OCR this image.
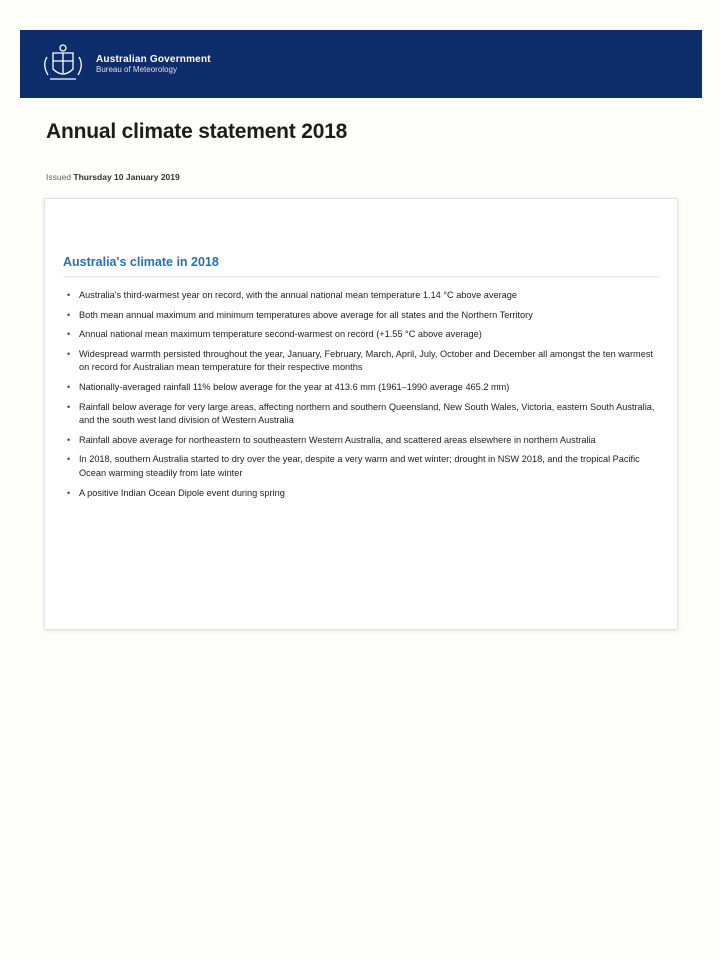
Australian Government
Bureau of Meteorology
Annual climate statement 2018
Issued Thursday 10 January 2019
Australia's climate in 2018
• Australia's third-warmest year on record, with the annual national mean temperature 1.14 °C above average
• Both mean annual maximum and minimum temperatures above average for all states and the Northern Territory
• Annual national mean maximum temperature second-warmest on record (+1.55 °C above average)
• Widespread warmth persisted throughout the year, January, February, March, April, July, October and December all amongst the ten warmest on record for Australian mean temperature for their respective months
• Nationally-averaged rainfall 11% below average for the year at 413.6 mm (1961–1990 average 465.2 mm)
• Rainfall below average for very large areas, affecting northern and southern Queensland, New South Wales, Victoria, eastern South Australia, and the south west land division of Western Australia
• Rainfall above average for northeastern to southeastern Western Australia, and scattered areas elsewhere in northern Australia
• In 2018, southern Australia started to dry over the year, despite a very warm and wet winter; drought in NSW 2018, and the tropical Pacific Ocean warming steadily from late winter
• A positive Indian Ocean Dipole event during spring
